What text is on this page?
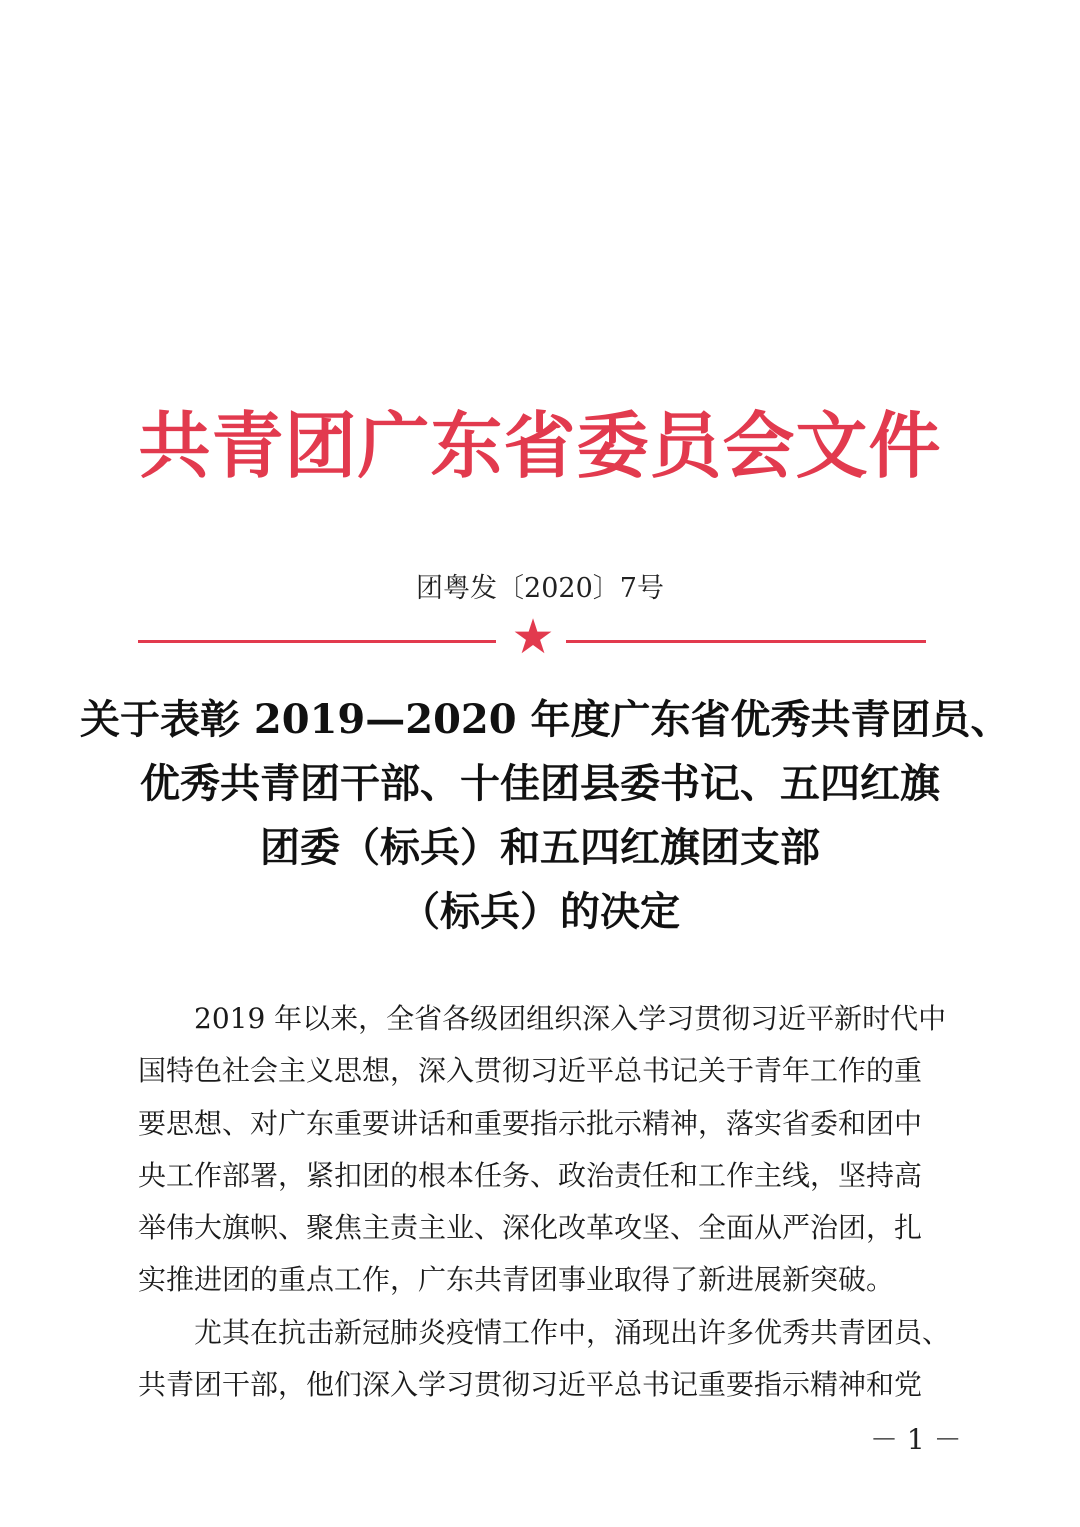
共青团广东省委员会文件
团粤发〔2020〕7号
★
关于表彰 2019—2020 年度广东省优秀共青团员、
优秀共青团干部、十佳团县委书记、五四红旗
团委（标兵）和五四红旗团支部
（标兵）的决定
　　2019 年以来，全省各级团组织深入学习贯彻习近平新时代中
国特色社会主义思想，深入贯彻习近平总书记关于青年工作的重
要思想、对广东重要讲话和重要指示批示精神，落实省委和团中
央工作部署，紧扣团的根本任务、政治责任和工作主线，坚持高
举伟大旗帜、聚焦主责主业、深化改革攻坚、全面从严治团，扎
实推进团的重点工作，广东共青团事业取得了新进展新突破。
　　尤其在抗击新冠肺炎疫情工作中，涌现出许多优秀共青团员、
共青团干部，他们深入学习贯彻习近平总书记重要指示精神和党
－ 1 －
